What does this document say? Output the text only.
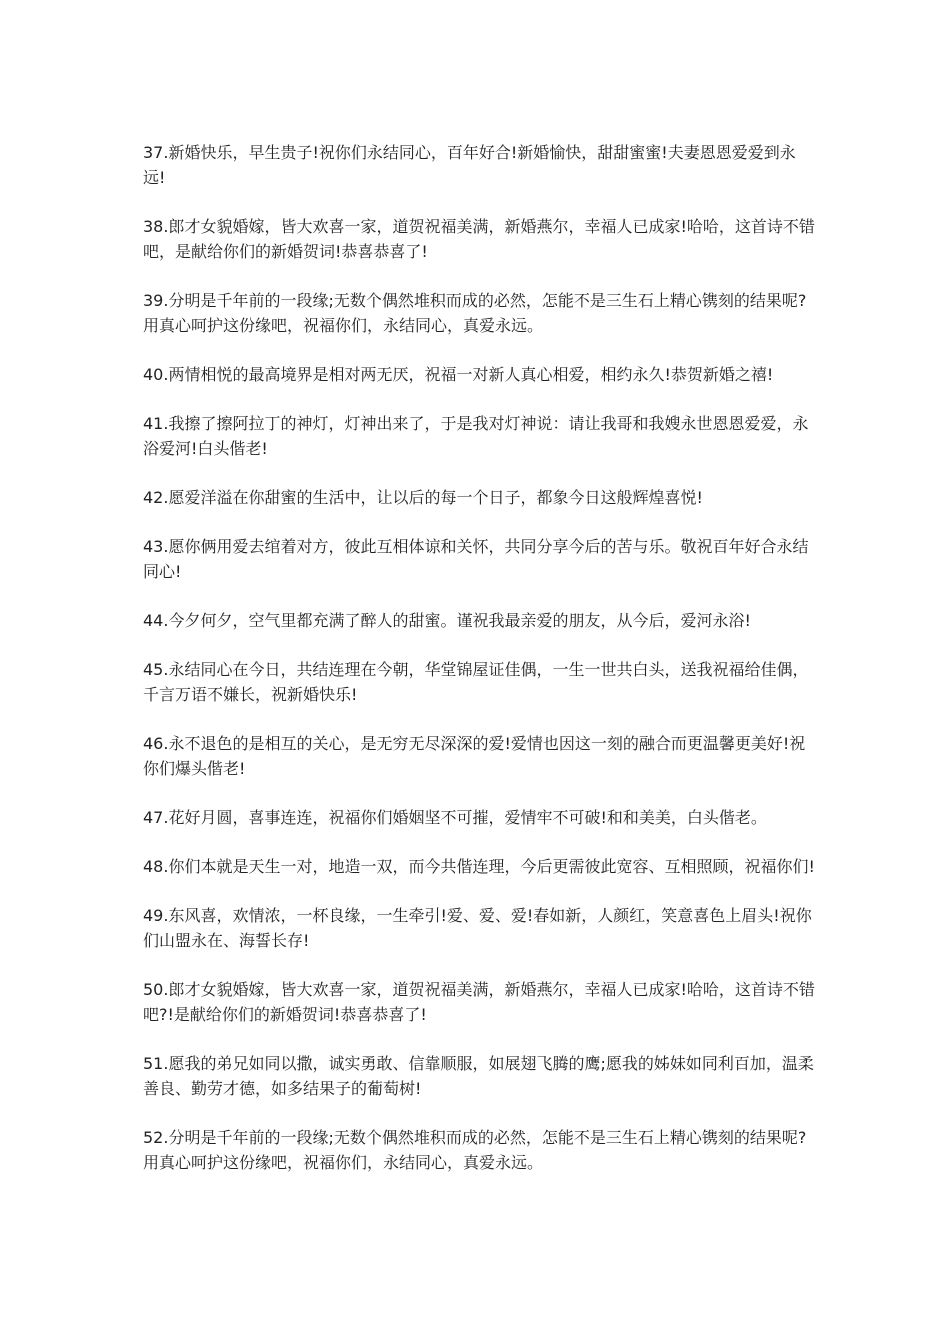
37.新婚快乐，早生贵子!祝你们永结同心，百年好合!新婚愉快，甜甜蜜蜜!夫妻恩恩爱爱到永远!

38.郎才女貌婚嫁，皆大欢喜一家，道贺祝福美满，新婚燕尔，幸福人已成家!哈哈，这首诗不错吧，是献给你们的新婚贺词!恭喜恭喜了!

39.分明是千年前的一段缘;无数个偶然堆积而成的必然，怎能不是三生石上精心镌刻的结果呢?用真心呵护这份缘吧，祝福你们，永结同心，真爱永远。

40.两情相悦的最高境界是相对两无厌，祝福一对新人真心相爱，相约永久!恭贺新婚之禧!

41.我擦了擦阿拉丁的神灯，灯神出来了，于是我对灯神说：请让我哥和我嫂永世恩恩爱爱，永浴爱河!白头偕老!

42.愿爱洋溢在你甜蜜的生活中，让以后的每一个日子，都象今日这般辉煌喜悦!

43.愿你俩用爱去绾着对方，彼此互相体谅和关怀，共同分享今后的苦与乐。敬祝百年好合永结同心!

44.今夕何夕，空气里都充满了醉人的甜蜜。谨祝我最亲爱的朋友，从今后，爱河永浴!

45.永结同心在今日，共结连理在今朝，华堂锦屋证佳偶，一生一世共白头，送我祝福给佳偶，千言万语不嫌长，祝新婚快乐!

46.永不退色的是相互的关心，是无穷无尽深深的爱!爱情也因这一刻的融合而更温馨更美好!祝你们爆头偕老!

47.花好月圆，喜事连连，祝福你们婚姻坚不可摧，爱情牢不可破!和和美美，白头偕老。

48.你们本就是天生一对，地造一双，而今共偕连理，今后更需彼此宽容、互相照顾，祝福你们!

49.东风喜，欢情浓，一杯良缘，一生牵引!爱、爱、爱!春如新，人颜红，笑意喜色上眉头!祝你们山盟永在、海誓长存!

50.郎才女貌婚嫁，皆大欢喜一家，道贺祝福美满，新婚燕尔，幸福人已成家!哈哈，这首诗不错吧?!是献给你们的新婚贺词!恭喜恭喜了!

51.愿我的弟兄如同以撒，诚实勇敢、信靠顺服，如展翅飞腾的鹰;愿我的姊妹如同利百加，温柔善良、勤劳才德，如多结果子的葡萄树!

52.分明是千年前的一段缘;无数个偶然堆积而成的必然，怎能不是三生石上精心镌刻的结果呢?用真心呵护这份缘吧，祝福你们，永结同心，真爱永远。
